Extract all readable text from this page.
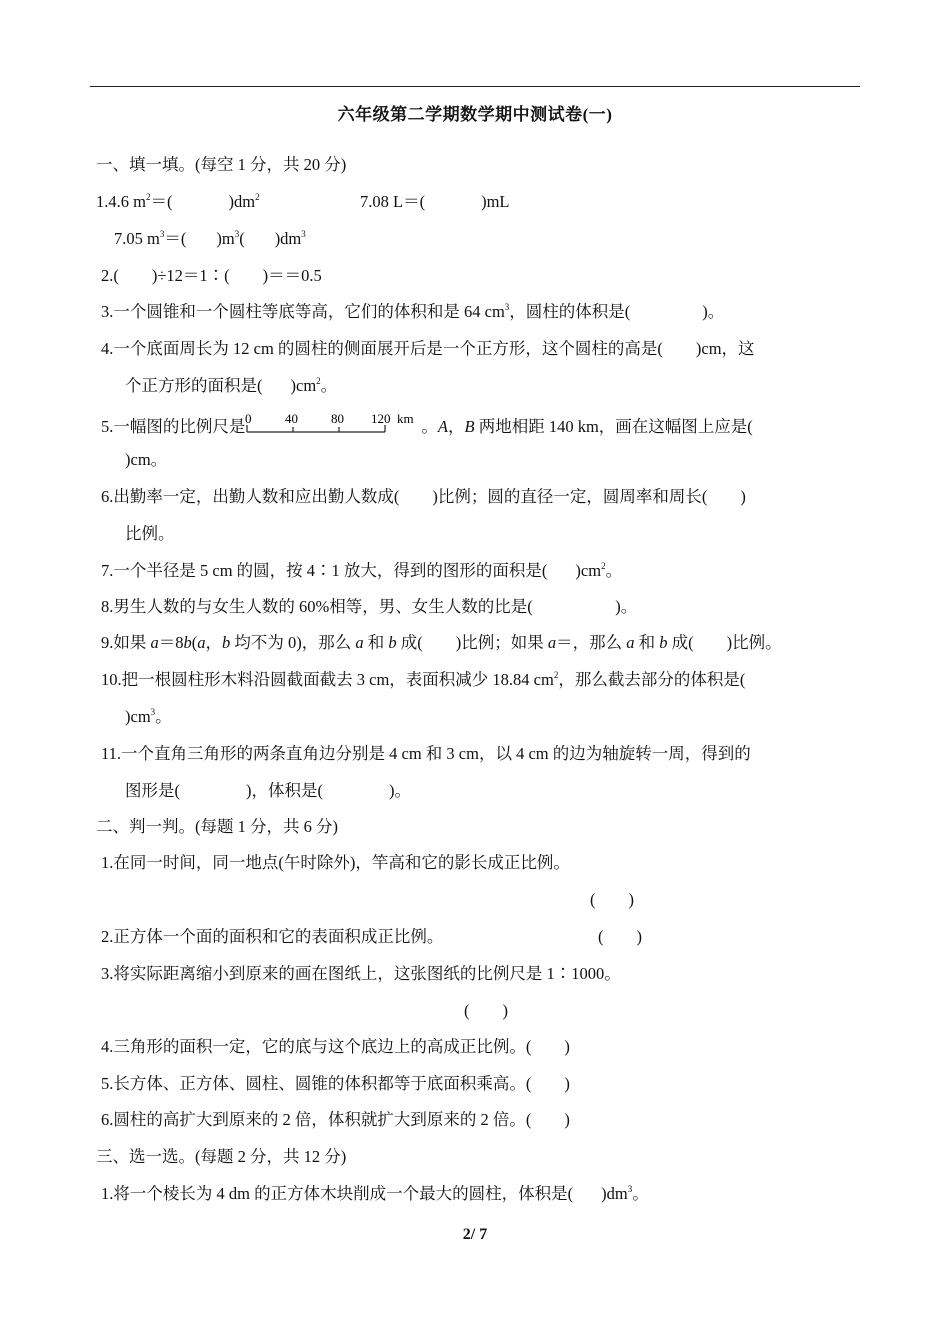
六年级第二学期数学期中测试卷(一)
一、填一填。(每空 1 分，共 20 分)
1.4.6 $m^2=$(	)$dm^2$	7.08 L＝(	)mL
7.05 $m^3=$( )$m^3$( )$dm^3$
2.(　　)÷12＝1∶(　　)＝＝0.5
3.一个圆锥和一个圆柱等底等高，它们的体积和是 64 $cm^3$，圆柱的体积是(	)。
4.一个底面周长为 12 cm 的圆柱的侧面展开后是一个正方形，这个圆柱的高是(　　)cm，这
个正方形的面积是( )$cm^2$。
5.一幅图的比例尺是 0	40	80 120 km 。A，B 两地相距 140 km，画在这幅图上应是(
)cm。
6.出勤率一定，出勤人数和应出勤人数成(　　)比例；圆的直径一定，圆周率和周长(　　)
比例。
7.一个半径是 5 cm 的圆，按 4∶1 放大，得到的图形的面积是( )$cm^2$。
8.男生人数的与女生人数的 60%相等，男、女生人数的比是(　　　　　)。
9.如果 a＝8b(a，b 均不为 0)，那么 a 和 b 成(　　)比例；如果 a＝，那么 a 和 b 成(　　)比例。
10.把一根圆柱形木料沿圆截面截去 3 cm，表面积减少 18.84 $cm^2$，那么截去部分的体积是(
)$cm^3$。
11.一个直角三角形的两条直角边分别是 4 cm 和 3 cm，以 4 cm 的边为轴旋转一周，得到的
图形是(　　　　)，体积是(　　　　)。
二、判一判。(每题 1 分，共 6 分)
1.在同一时间，同一地点(午时除外)，竿高和它的影长成正比例。
(　　)
2.正方体一个面的面积和它的表面积成正比例。	(　　)
3.将实际距离缩小到原来的画在图纸上，这张图纸的比例尺是 1∶1000。
(　　)
4.三角形的面积一定，它的底与这个底边上的高成正比例。(　　)
5.长方体、正方体、圆柱、圆锥的体积都等于底面积乘高。(　　)
6.圆柱的高扩大到原来的 2 倍，体积就扩大到原来的 2 倍。(　　)
三、选一选。(每题 2 分，共 12 分)
1.将一个棱长为 4 dm 的正方体木块削成一个最大的圆柱，体积是( )$dm^3$。
2/ 7
